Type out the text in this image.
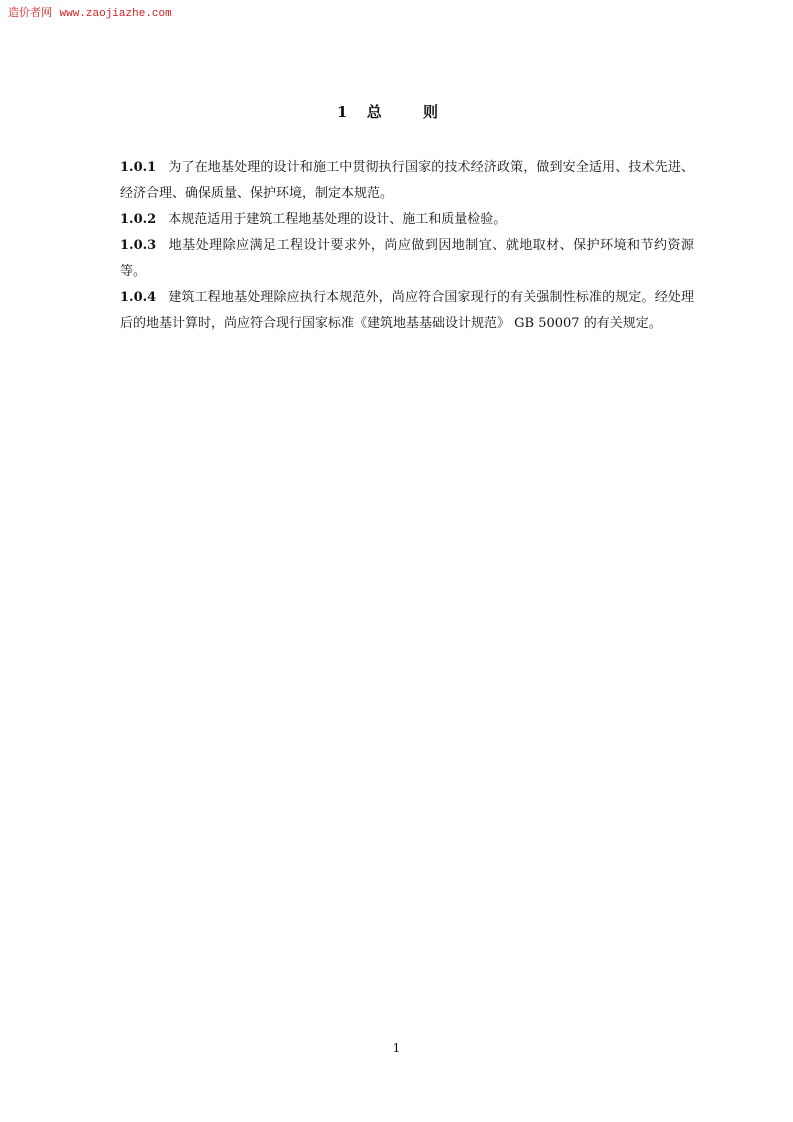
造价者网 www.zaojiazhe.com
1 总 则

1.0.1 为了在地基处理的设计和施工中贯彻执行国家的技术经济政策，做到安全适用、技术先进、经济合理、确保质量、保护环境，制定本规范。

1.0.2 本规范适用于建筑工程地基处理的设计、施工和质量检验。

1.0.3 地基处理除应满足工程设计要求外，尚应做到因地制宜、就地取材、保护环境和节约资源等。

1.0.4 建筑工程地基处理除应执行本规范外，尚应符合国家现行的有关强制性标准的规定。经处理后的地基计算时，尚应符合现行国家标准《建筑地基基础设计规范》 GB 50007 的有关规定。

1
